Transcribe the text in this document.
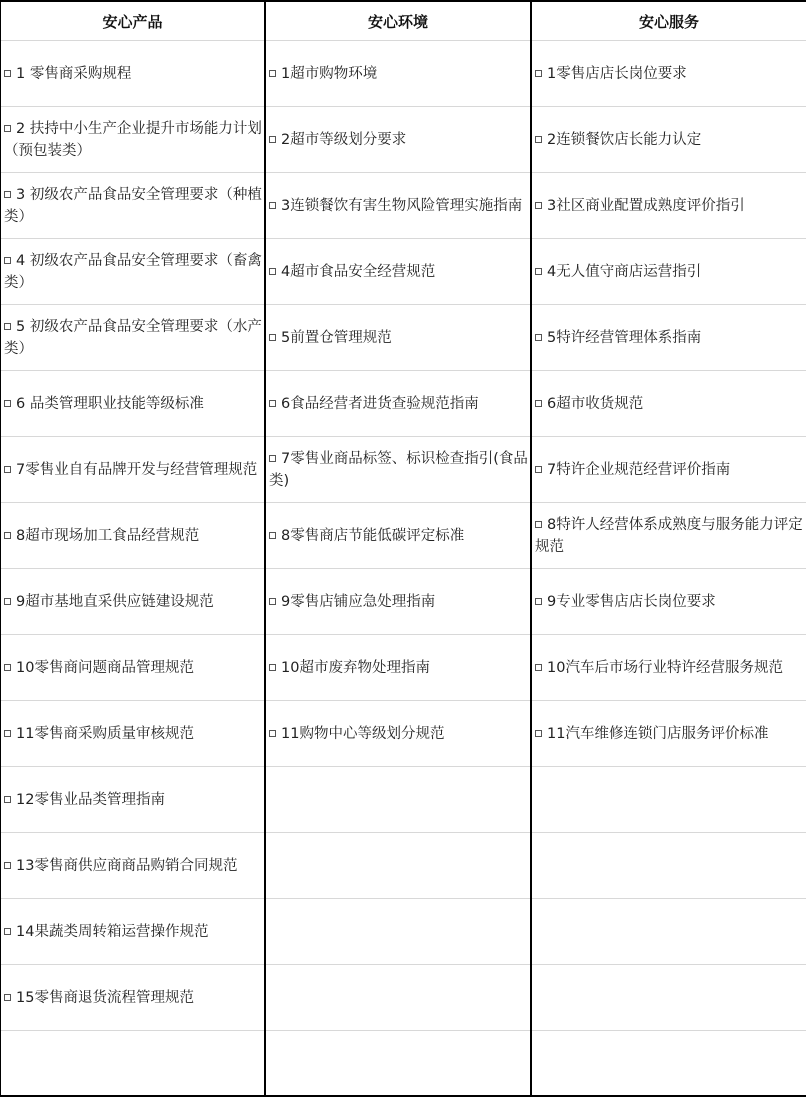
安心产品
1 零售商采购规程
2 扶持中小生产企业提升市场能力计划（预包装类）
3 初级农产品食品安全管理要求（种植类）
4 初级农产品食品安全管理要求（畜禽类）
5 初级农产品食品安全管理要求（水产类）
6 品类管理职业技能等级标准
7零售业自有品牌开发与经营管理规范
8超市现场加工食品经营规范
9超市基地直采供应链建设规范
10零售商问题商品管理规范
11零售商采购质量审核规范
12零售业品类管理指南
13零售商供应商商品购销合同规范
14果蔬类周转箱运营操作规范
15零售商退货流程管理规范
安心环境
1超市购物环境
2超市等级划分要求
3连锁餐饮有害生物风险管理实施指南
4超市食品安全经营规范
5前置仓管理规范
6食品经营者进货查验规范指南
7零售业商品标签、标识检查指引(食品类)
8零售商店节能低碳评定标准
9零售店铺应急处理指南
10超市废弃物处理指南
11购物中心等级划分规范
安心服务
1零售店店长岗位要求
2连锁餐饮店长能力认定
3社区商业配置成熟度评价指引
4无人值守商店运营指引
5特许经营管理体系指南
6超市收货规范
7特许企业规范经营评价指南
8特许人经营体系成熟度与服务能力评定规范
9专业零售店店长岗位要求
10汽车后市场行业特许经营服务规范
11汽车维修连锁门店服务评价标准
